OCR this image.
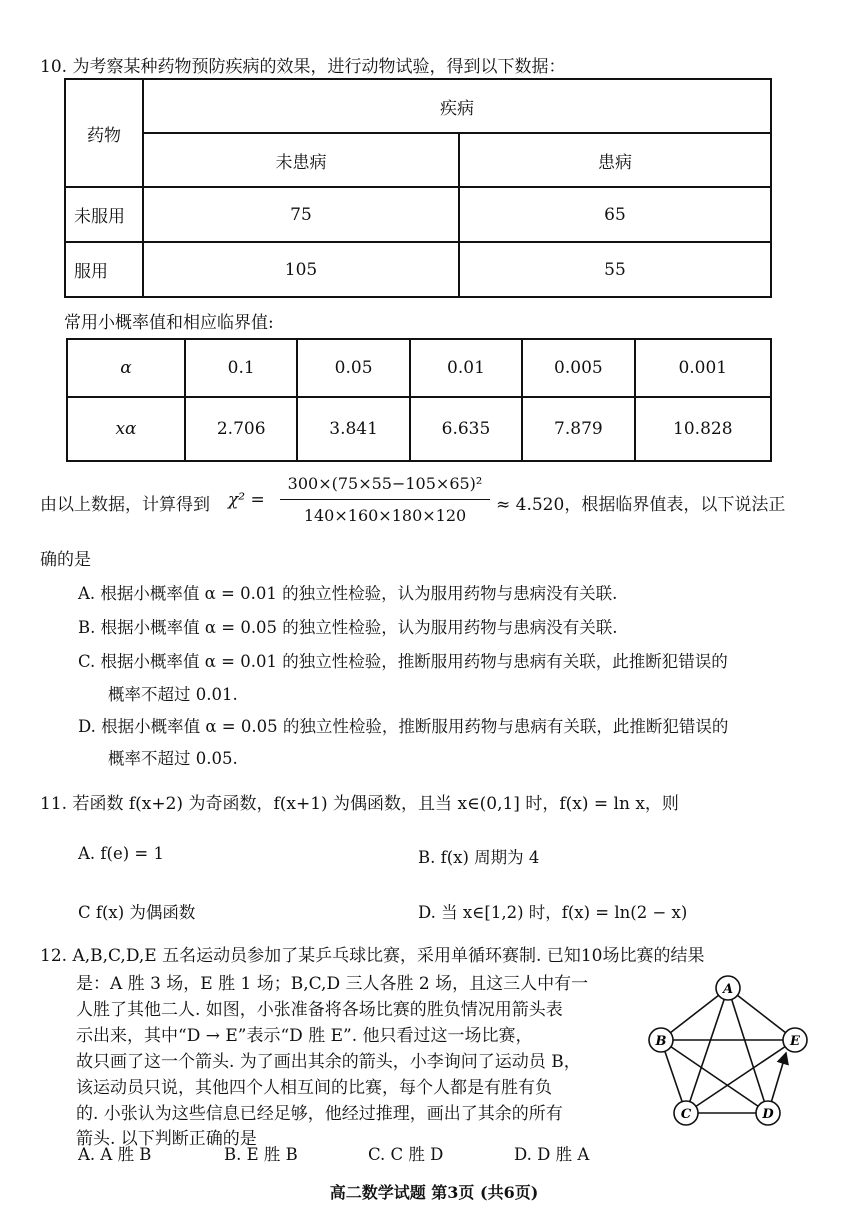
10. 为考察某种药物预防疾病的效果，进行动物试验，得到以下数据：
药物	疾病	
	未患病	患病
未服用	75	65
服用	105	55
常用小概率值和相应临界值:
α	0.1	0.05	0.01	0.005	0.001
xα	2.706	3.841	6.635	7.879	10.828
由以上数据，计算得到 χ² =
300×(75×55−105×65)²
140×160×180×120
≈ 4.520，根据临界值表，以下说法正
确的是
A. 根据小概率值 α = 0.01 的独立性检验，认为服用药物与患病没有关联.
B. 根据小概率值 α = 0.05 的独立性检验，认为服用药物与患病没有关联.
C. 根据小概率值 α = 0.01 的独立性检验，推断服用药物与患病有关联，此推断犯错误的
概率不超过 0.01.
D. 根据小概率值 α = 0.05 的独立性检验，推断服用药物与患病有关联，此推断犯错误的
概率不超过 0.05.
11. 若函数 f(x+2) 为奇函数，f(x+1) 为偶函数，且当 x∈(0,1] 时，f(x) = ln x，则
A. f(e) = 1	B. f(x) 周期为 4
C f(x) 为偶函数	D. 当 x∈[1,2) 时，f(x) = ln(2 − x)
12. A,B,C,D,E 五名运动员参加了某乒乓球比赛，采用单循环赛制. 已知10场比赛的结果
是：A 胜 3 场，E 胜 1 场；B,C,D 三人各胜 2 场，且这三人中有一
人胜了其他二人. 如图，小张准备将各场比赛的胜负情况用箭头表
示出来，其中“D → E”表示“D 胜 E”. 他只看过这一场比赛，
故只画了这一个箭头. 为了画出其余的箭头，小李询问了运动员 B，
该运动员只说，其他四个人相互间的比赛，每个人都是有胜有负
的. 小张认为这些信息已经足够，他经过推理，画出了其余的所有
箭头. 以下判断正确的是
A
B
C	D
E
A. A 胜 B	B. E 胜 B	C. C 胜 D	D. D 胜 A
高二数学试题 第3页 (共6页)
